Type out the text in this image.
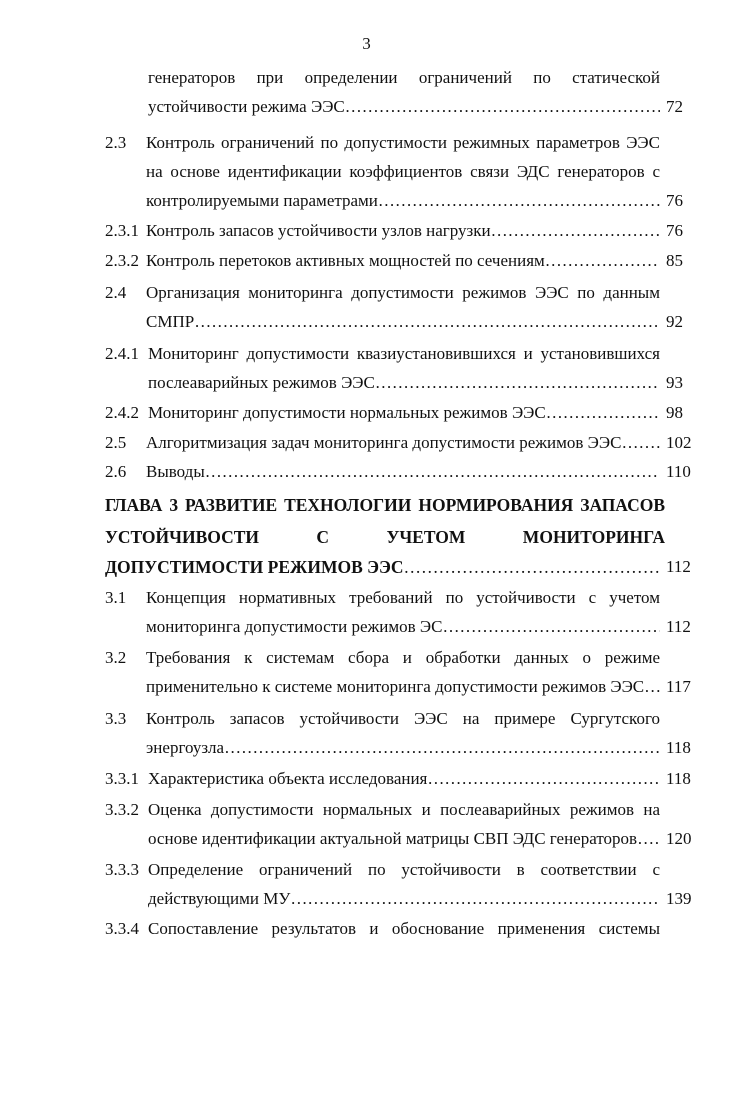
3
генераторов при определении ограничений по статической
устойчивости режима ЭЭС ……………………………………………………………………………………………………………………	72
2.3 Контроль ограничений по допустимости режимных параметров ЭЭС
на основе идентификации коэффициентов связи ЭДС генераторов с
контролируемыми параметрами ……………………………………………………………………………………………………………………	76
2.3.1 Контроль запасов устойчивости узлов нагрузки ……………………………………………………………………………………………………………………	76
2.3.2 Контроль перетоков активных мощностей по сечениям ……………………………………………………………………………………………………………………	85
2.4 Организация мониторинга допустимости режимов ЭЭС по данным
СМПР ……………………………………………………………………………………………………………………	92
2.4.1 Мониторинг допустимости квазиустановившихся и установившихся
послеаварийных режимов ЭЭС ……………………………………………………………………………………………………………………	93
2.4.2 Мониторинг допустимости нормальных режимов ЭЭС ……………………………………………………………………………………………………………………	98
2.5 Алгоритмизация задач мониторинга допустимости режимов ЭЭС ……………………………………………………………………………………………………………………	102
2.6 Выводы ……………………………………………………………………………………………………………………	110
ГЛАВА 3 РАЗВИТИЕ ТЕХНОЛОГИИ НОРМИРОВАНИЯ ЗАПАСОВ
УСТОЙЧИВОСТИ С УЧЕТОМ МОНИТОРИНГА
ДОПУСТИМОСТИ РЕЖИМОВ ЭЭС ……………………………………………………………………………………………………………………	112
3.1 Концепция нормативных требований по устойчивости с учетом
мониторинга допустимости режимов ЭС ……………………………………………………………………………………………………………………	112
3.2 Требования к системам сбора и обработки данных о режиме
применительно к системе мониторинга допустимости режимов ЭЭС …………………………………………………………………………………………………………………… 117
3.3 Контроль запасов устойчивости ЭЭС на примере Сургутского
энергоузла ……………………………………………………………………………………………………………………	118
3.3.1 Характеристика объекта исследования ……………………………………………………………………………………………………………………	118
3.3.2 Оценка допустимости нормальных и послеаварийных режимов на
основе идентификации актуальной матрицы СВП ЭДС генераторов …………………………………………………………………………………………………………………… 120
3.3.3 Определение ограничений по устойчивости в соответствии с
действующими МУ ……………………………………………………………………………………………………………………	139
3.3.4 Сопоставление результатов и обоснование применения системы
